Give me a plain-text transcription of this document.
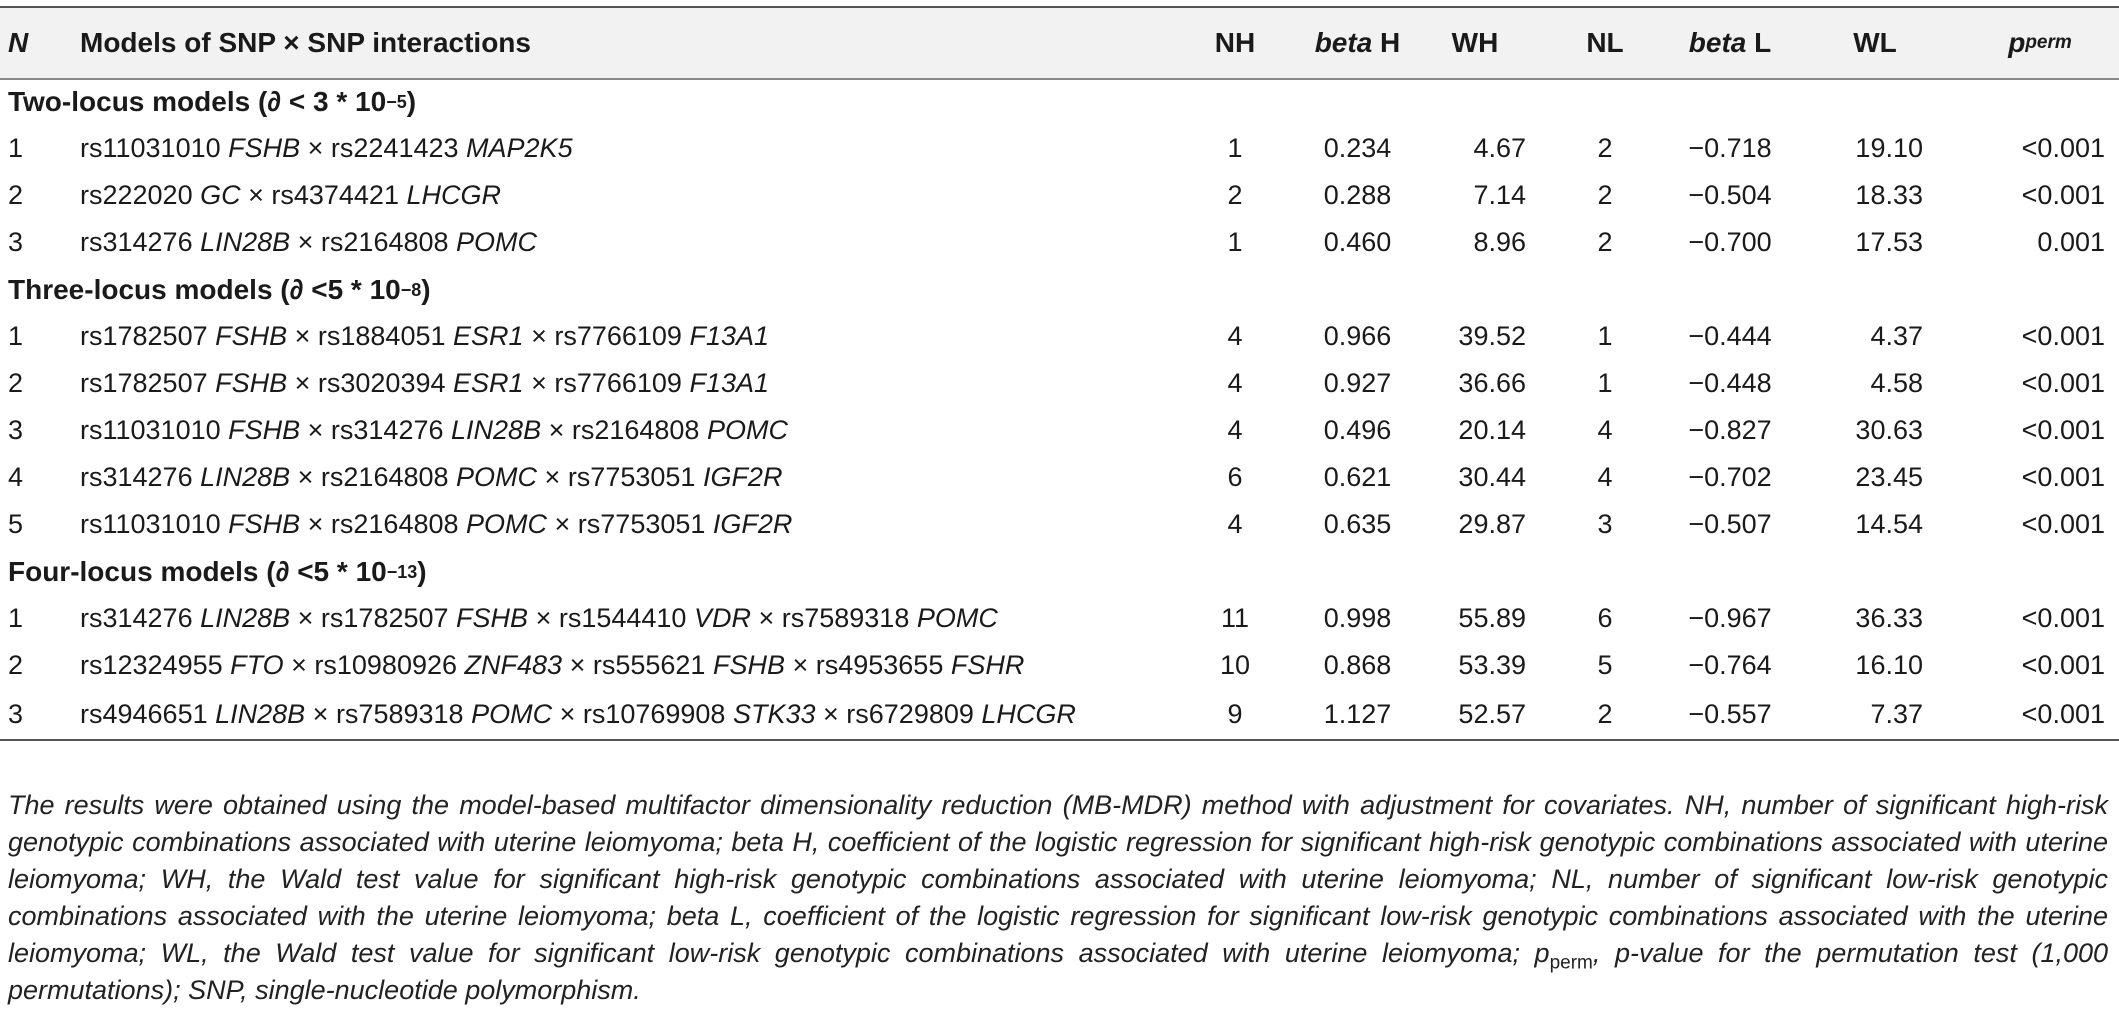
N Models of SNP × SNP interactions	NH	beta H	WH	NL	beta L	WL	p perm
Two-locus models (∂ < 3 * 10 −5 )
1 rs11031010 FSHB × rs2241423 MAP2K5	1	0.234	4.67	2	−0.718	19.10	<0.001
2 rs222020 GC × rs4374421 LHCGR	2	0.288	7.14	2	−0.504	18.33	<0.001
3 rs314276 LIN28B × rs2164808 POMC	1	0.460	8.96	2	−0.700	17.53	0.001
Three-locus models (∂ <5 * 10 −8 )
1 rs1782507 FSHB × rs1884051 ESR1 × rs7766109 F13A1	4	0.966	39.52	1	−0.444	4.37	<0.001
2 rs1782507 FSHB × rs3020394 ESR1 × rs7766109 F13A1	4	0.927	36.66	1	−0.448	4.58	<0.001
3 rs11031010 FSHB × rs314276 LIN28B × rs2164808 POMC	4	0.496	20.14	4	−0.827	30.63	<0.001
4 rs314276 LIN28B × rs2164808 POMC × rs7753051 IGF2R	6	0.621	30.44	4	−0.702	23.45	<0.001
5 rs11031010 FSHB × rs2164808 POMC × rs7753051 IGF2R	4	0.635	29.87	3	−0.507	14.54	<0.001
Four-locus models (∂ <5 * 10 −13 )
1 rs314276 LIN28B × rs1782507 FSHB × rs1544410 VDR × rs7589318 POMC	11	0.998	55.89	6	−0.967	36.33	<0.001
2 rs12324955 FTO × rs10980926 ZNF483 × rs555621 FSHB × rs4953655 FSHR	10	0.868	53.39	5	−0.764	16.10	<0.001
3 rs4946651 LIN28B × rs7589318 POMC × rs10769908 STK33 × rs6729809 LHCGR	9	1.127	52.57	2	−0.557	7.37	<0.001
The results were obtained using the model-based multifactor dimensionality reduction (MB-MDR) method with adjustment for covariates. NH, number of significant high-risk genotypic combinations associated with uterine leiomyoma; beta H, coefficient of the logistic regression for significant high-risk genotypic combinations associated with uterine leiomyoma; WH, the Wald test value for significant high-risk genotypic combinations associated with uterine leiomyoma; NL, number of significant low-risk genotypic combinations associated with the uterine leiomyoma; beta L, coefficient of the logistic regression for significant low-risk genotypic combinations associated with the uterine leiomyoma; WL, the Wald test value for significant low-risk genotypic combinations associated with uterine leiomyoma; $p_{perm}$, p-value for the permutation test (1,000 permutations); SNP, single-nucleotide polymorphism.
